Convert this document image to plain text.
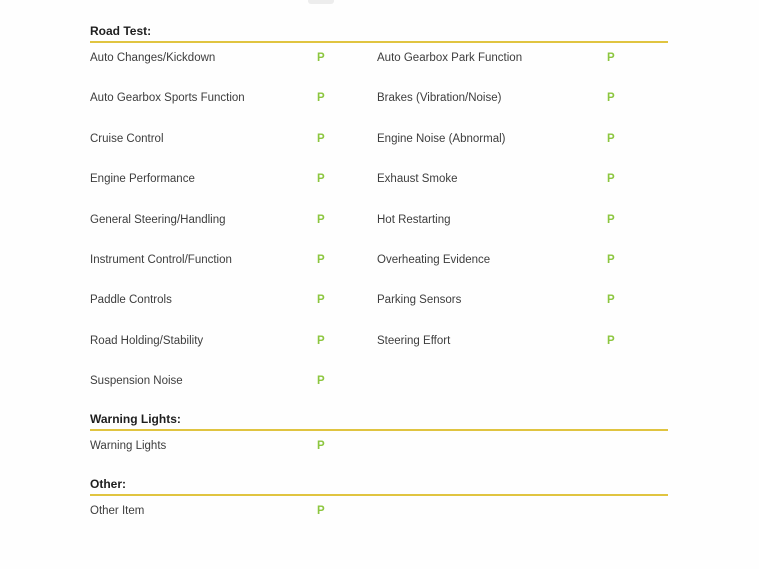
Road Test:
Auto Changes/Kickdown	P	Auto Gearbox Park Function	P
Auto Gearbox Sports Function	P	Brakes (Vibration/Noise)	P
Cruise Control	P	Engine Noise (Abnormal)	P
Engine Performance	P	Exhaust Smoke	P
General Steering/Handling	P	Hot Restarting	P
Instrument Control/Function	P	Overheating Evidence	P
Paddle Controls	P	Parking Sensors	P
Road Holding/Stability	P	Steering Effort	P
Suspension Noise	P
Warning Lights:
Warning Lights	P
Other:
Other Item	P
